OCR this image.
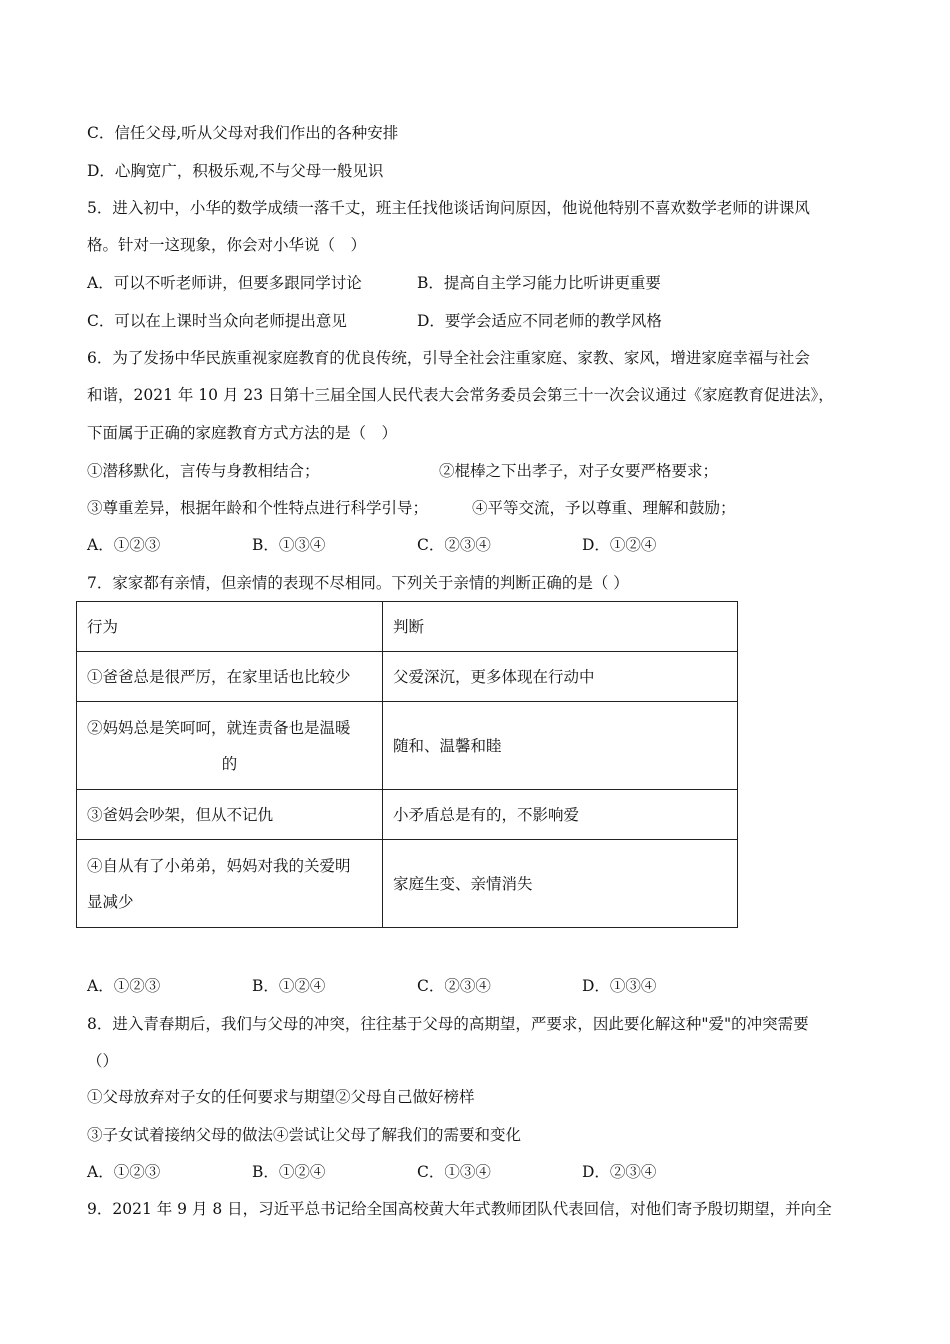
C．信任父母,听从父母对我们作出的各种安排
D．心胸宽广，积极乐观,不与父母一般见识
5．进入初中，小华的数学成绩一落千丈，班主任找他谈话询问原因，他说他特别不喜欢数学老师的讲课风
格。针对一这现象，你会对小华说（　）
A．可以不听老师讲，但要多跟同学讨论	B．提高自主学习能力比听讲更重要
C．可以在上课时当众向老师提出意见	D．要学会适应不同老师的教学风格
6．为了发扬中华民族重视家庭教育的优良传统，引导全社会注重家庭、家教、家风，增进家庭幸福与社会
和谐，2021 年 10 月 23 日第十三届全国人民代表大会常务委员会第三十一次会议通过《家庭教育促进法》，
下面属于正确的家庭教育方式方法的是（　）
①潜移默化，言传与身教相结合；	②棍棒之下出孝子，对子女要严格要求；
③尊重差异，根据年龄和个性特点进行科学引导；	④平等交流，予以尊重、理解和鼓励；
A．①②③	B．①③④	C．②③④	D．①②④
7．家家都有亲情，但亲情的表现不尽相同。下列关于亲情的判断正确的是（ ）
行为	判断
①爸爸总是很严厉，在家里话也比较少	父爱深沉，更多体现在行动中
②妈妈总是笑呵呵，就连责备也是温暖
的	随和、温馨和睦
③爸妈会吵架，但从不记仇	小矛盾总是有的，不影响爱
④自从有了小弟弟，妈妈对我的关爱明
显减少	家庭生变、亲情消失
A．①②③	B．①②④	C．②③④	D．①③④
8．进入青春期后，我们与父母的冲突，往往基于父母的高期望，严要求，因此要化解这种"爱"的冲突需要
（）
①父母放弃对子女的任何要求与期望②父母自己做好榜样
③子女试着接纳父母的做法④尝试让父母了解我们的需要和变化
A．①②③	B．①②④	C．①③④	D．②③④
9．2021 年 9 月 8 日，习近平总书记给全国高校黄大年式教师团队代表回信，对他们寄予殷切期望，并向全
